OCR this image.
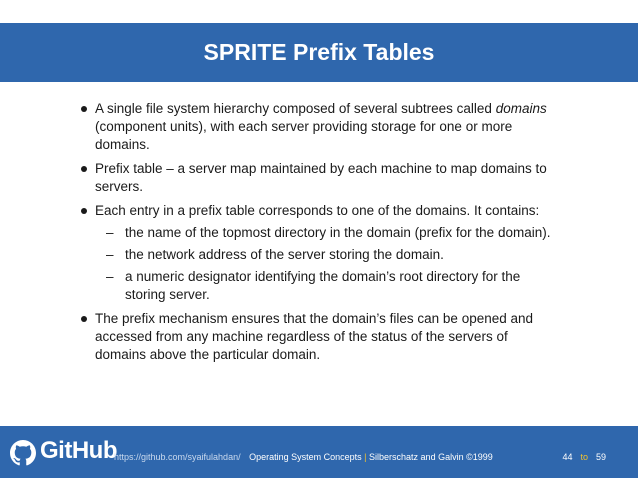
SPRITE Prefix Tables
A single file system hierarchy composed of several subtrees called domains (component units), with each server providing storage for one or more domains.
Prefix table – a server map maintained by each machine to map domains to servers.
Each entry in a prefix table corresponds to one of the domains. It contains:
– the name of the topmost directory in the domain (prefix for the domain).
– the network address of the server storing the domain.
– a numeric designator identifying the domain’s root directory for the storing server.
The prefix mechanism ensures that the domain’s files can be opened and accessed from any machine regardless of the status of the servers of domains above the particular domain.
GitHub
https://github.com/syaifulahdan/ Operating System Concepts | Silberschatz and Galvin ©1999	44 to 59
